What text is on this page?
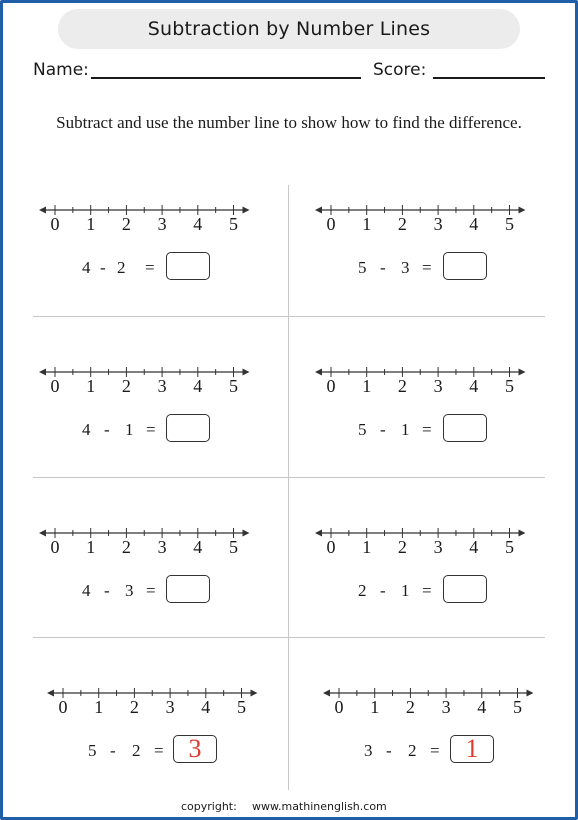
Subtraction by Number Lines
Name:	Score:
Subtract and use the number line to show how to find the difference.
0	1	2	3	4	5
4 - 2 =
0	1	2	3	4	5
5 - 3 =
0	1	2	3	4	5
4 - 1 =
0	1	2	3	4	5
5 - 1 =
0	1	2	3	4	5
4 - 3 =
0	1	2	3	4	5
2 - 1 =
0	1	2	3	4	5
5 - 2 = 3
0	1	2	3	4	5
3 - 2 = 1
copyright: www.mathinenglish.com
